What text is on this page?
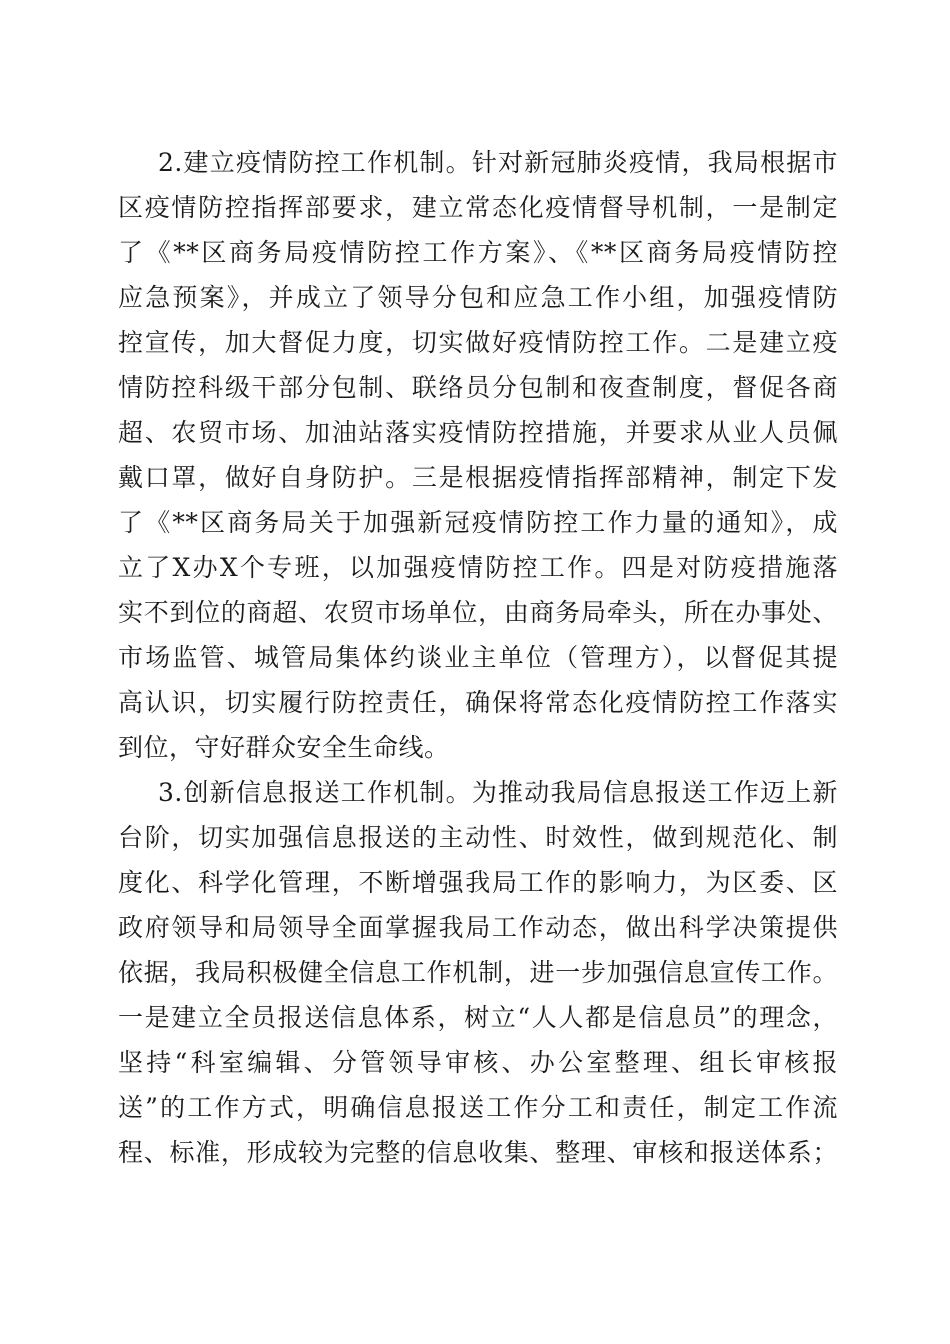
2.建立疫情防控工作机制。针对新冠肺炎疫情，我局根据市
区疫情防控指挥部要求，建立常态化疫情督导机制，一是制定
了《**区商务局疫情防控工作方案》、《**区商务局疫情防控
应急预案》，并成立了领导分包和应急工作小组，加强疫情防
控宣传，加大督促力度，切实做好疫情防控工作。二是建立疫
情防控科级干部分包制、联络员分包制和夜查制度，督促各商
超、农贸市场、加油站落实疫情防控措施，并要求从业人员佩
戴口罩，做好自身防护。三是根据疫情指挥部精神，制定下发
了《**区商务局关于加强新冠疫情防控工作力量的通知》，成
立了X办X个专班，以加强疫情防控工作。四是对防疫措施落
实不到位的商超、农贸市场单位，由商务局牵头，所在办事处、
市场监管、城管局集体约谈业主单位（管理方），以督促其提
高认识，切实履行防控责任，确保将常态化疫情防控工作落实
到位，守好群众安全生命线。
3.创新信息报送工作机制。为推动我局信息报送工作迈上新
台阶，切实加强信息报送的主动性、时效性，做到规范化、制
度化、科学化管理，不断增强我局工作的影响力，为区委、区
政府领导和局领导全面掌握我局工作动态，做出科学决策提供
依据，我局积极健全信息工作机制，进一步加强信息宣传工作。
一是建立全员报送信息体系，树立“人人都是信息员”的理念，
坚持“科室编辑、分管领导审核、办公室整理、组长审核报
送”的工作方式，明确信息报送工作分工和责任，制定工作流
程、标准，形成较为完整的信息收集、整理、审核和报送体系；
